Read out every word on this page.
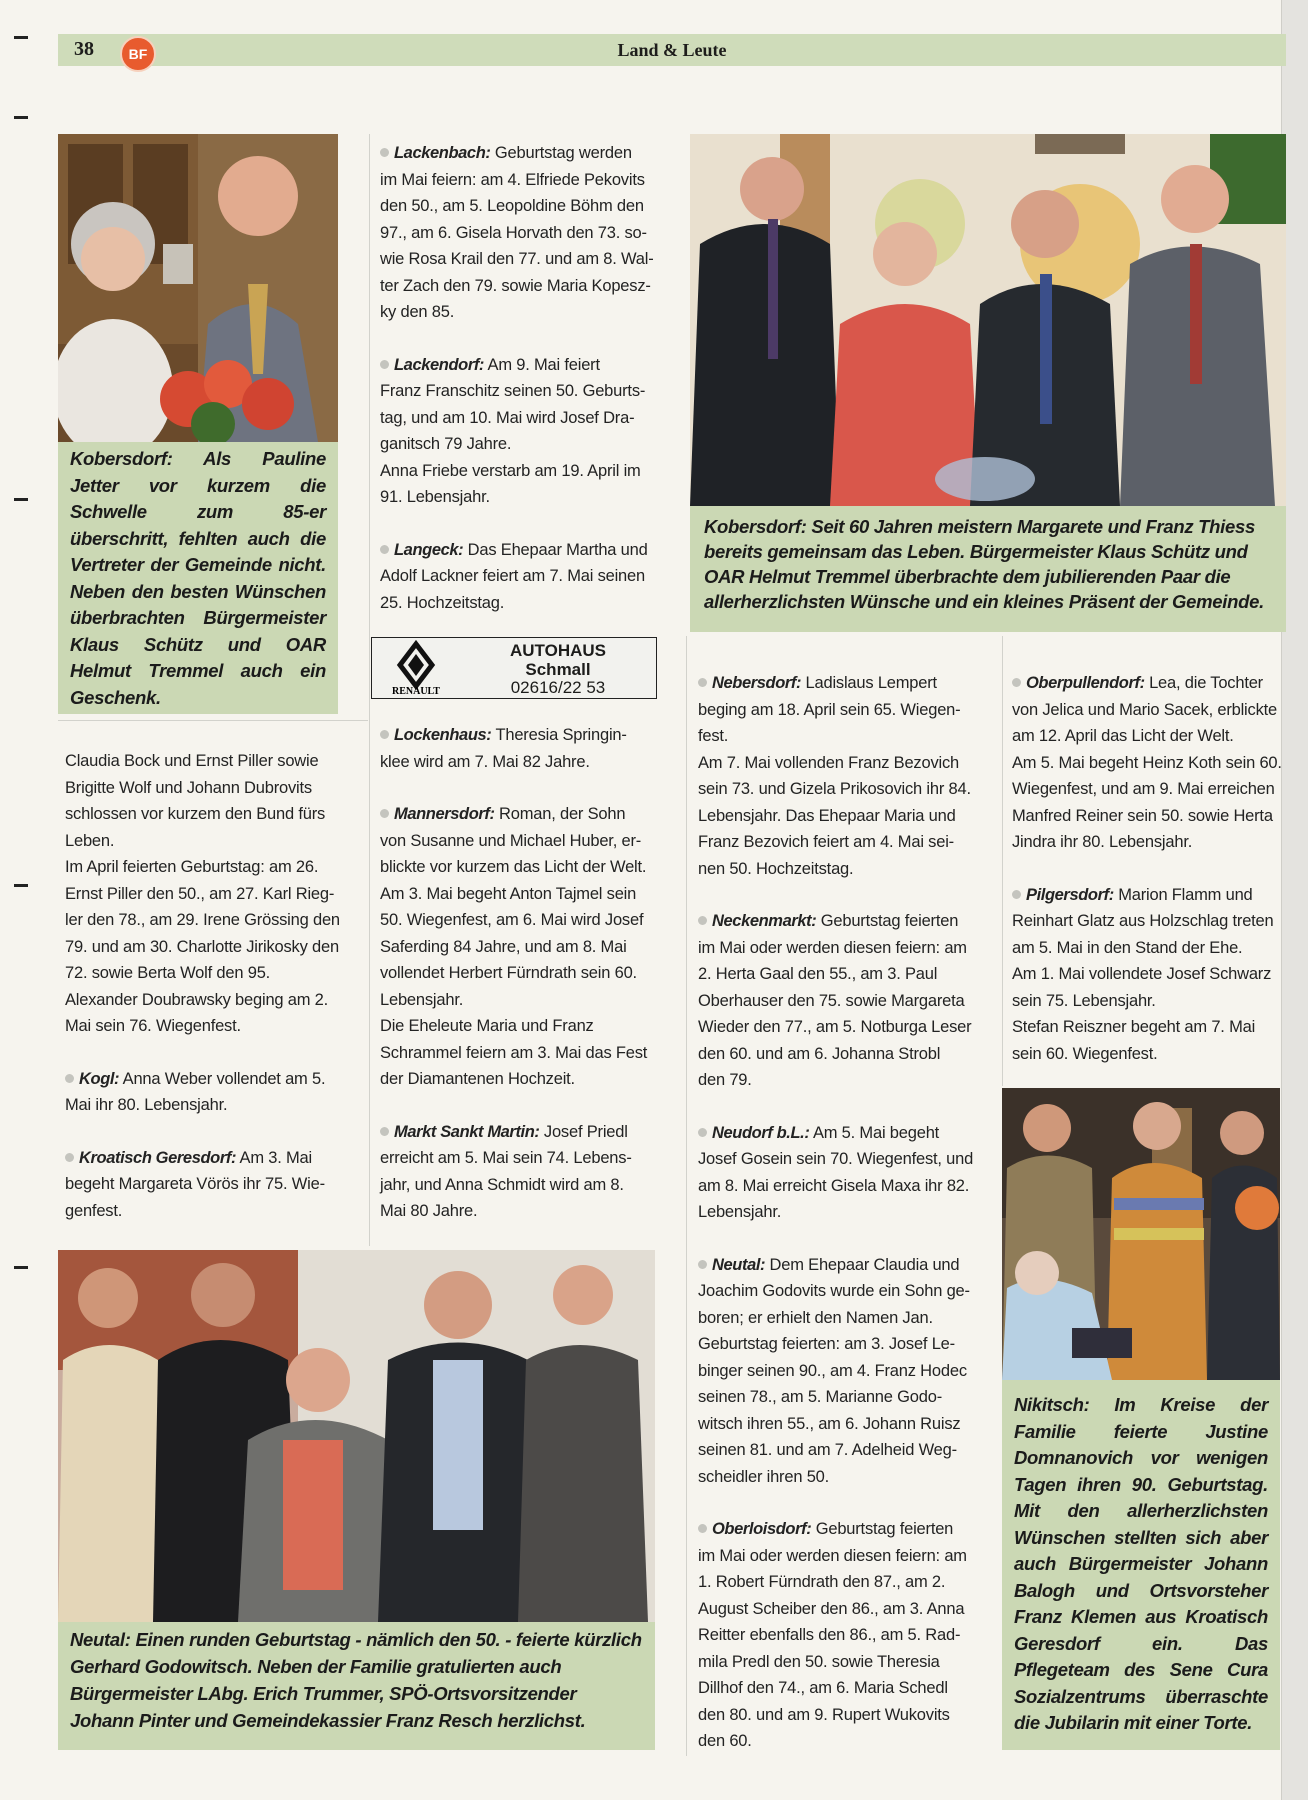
38	BF	Land & Leute
Kobersdorf: Als Pauline Jetter vor kurzem die Schwelle zum 85-er überschritt, fehlten auch die Vertreter der Gemeinde nicht. Neben den besten Wünschen überbrachten Bürgermeister Klaus Schütz und OAR Helmut Tremmel auch ein Geschenk.
Kobersdorf: Seit 60 Jahren meistern Margarete und Franz Thiess bereits gemeinsam das Leben. Bürgermeister Klaus Schütz und OAR Helmut Tremmel überbrachte dem jubilierenden Paar die allerherzlichsten Wünsche und ein kleines Präsent der Gemeinde.
Neutal: Einen runden Geburtstag - nämlich den 50. - feierte kürzlich Gerhard Godowitsch. Neben der Familie gratulierten auch Bürgermeister LAbg. Erich Trummer, SPÖ-Ortsvorsitzender Johann Pinter und Gemeindekassier Franz Resch herzlichst.
Nikitsch: Im Kreise der Familie feierte Justine Domnanovich vor wenigen Tagen ihren 90. Geburtstag. Mit den allerherzlichsten Wünschen stellten sich aber auch Bürgermeister Johann Balogh und Ortsvorsteher Franz Klemen aus Kroatisch Geresdorf ein. Das Pflegeteam des Sene Cura Sozialzentrums überraschte die Jubilarin mit einer Torte.

Claudia Bock und Ernst Piller sowie
Brigitte Wolf und Johann Dubrovits
schlossen vor kurzem den Bund fürs
Leben.
Im April feierten Geburtstag: am 26.
Ernst Piller den 50., am 27. Karl Rieg-
ler den 78., am 29. Irene Grössing den
79. und am 30. Charlotte Jirikosky den
72. sowie Berta Wolf den 95.
Alexander Doubrawsky beging am 2.
Mai sein 76. Wiegenfest.

Kogl: Anna Weber vollendet am 5.
Mai ihr 80. Lebensjahr.

Kroatisch Geresdorf: Am 3. Mai
begeht Margareta Vörös ihr 75. Wie-
genfest.

Lackenbach: Geburtstag werden
im Mai feiern: am 4. Elfriede Pekovits
den 50., am 5. Leopoldine Böhm den
97., am 6. Gisela Horvath den 73. so-
wie Rosa Krail den 77. und am 8. Wal-
ter Zach den 79. sowie Maria Kopesz-
ky den 85.

Lackendorf: Am 9. Mai feiert
Franz Franschitz seinen 50. Geburts-
tag, und am 10. Mai wird Josef Dra-
ganitsch 79 Jahre.
Anna Friebe verstarb am 19. April im
91. Lebensjahr.

Langeck: Das Ehepaar Martha und
Adolf Lackner feiert am 7. Mai seinen
25. Hochzeitstag.

RENAULT
AUTOHAUS
Schmall
02616/22 53

Lockenhaus: Theresia Springin-
klee wird am 7. Mai 82 Jahre.

Mannersdorf: Roman, der Sohn
von Susanne und Michael Huber, er-
blickte vor kurzem das Licht der Welt.
Am 3. Mai begeht Anton Tajmel sein
50. Wiegenfest, am 6. Mai wird Josef
Saferding 84 Jahre, und am 8. Mai
vollendet Herbert Fürndrath sein 60.
Lebensjahr.
Die Eheleute Maria und Franz
Schrammel feiern am 3. Mai das Fest
der Diamantenen Hochzeit.

Markt Sankt Martin: Josef Priedl
erreicht am 5. Mai sein 74. Lebens-
jahr, und Anna Schmidt wird am 8.
Mai 80 Jahre.

Nebersdorf: Ladislaus Lempert
beging am 18. April sein 65. Wiegen-
fest.
Am 7. Mai vollenden Franz Bezovich
sein 73. und Gizela Prikosovich ihr 84.
Lebensjahr. Das Ehepaar Maria und
Franz Bezovich feiert am 4. Mai sei-
nen 50. Hochzeitstag.

Neckenmarkt: Geburtstag feierten
im Mai oder werden diesen feiern: am
2. Herta Gaal den 55., am 3. Paul
Oberhauser den 75. sowie Margareta
Wieder den 77., am 5. Notburga Leser
den 60. und am 6. Johanna Strobl
den 79.

Neudorf b.L.: Am 5. Mai begeht
Josef Gosein sein 70. Wiegenfest, und
am 8. Mai erreicht Gisela Maxa ihr 82.
Lebensjahr.

Neutal: Dem Ehepaar Claudia und
Joachim Godovits wurde ein Sohn ge-
boren; er erhielt den Namen Jan.
Geburtstag feierten: am 3. Josef Le-
binger seinen 90., am 4. Franz Hodec
seinen 78., am 5. Marianne Godo-
witsch ihren 55., am 6. Johann Ruisz
seinen 81. und am 7. Adelheid Weg-
scheidler ihren 50.

Oberloisdorf: Geburtstag feierten
im Mai oder werden diesen feiern: am
1. Robert Fürndrath den 87., am 2.
August Scheiber den 86., am 3. Anna
Reitter ebenfalls den 86., am 5. Rad-
mila Predl den 50. sowie Theresia
Dillhof den 74., am 6. Maria Schedl
den 80. und am 9. Rupert Wukovits
den 60.

Oberpullendorf: Lea, die Tochter
von Jelica und Mario Sacek, erblickte
am 12. April das Licht der Welt.
Am 5. Mai begeht Heinz Koth sein 60.
Wiegenfest, und am 9. Mai erreichen
Manfred Reiner sein 50. sowie Herta
Jindra ihr 80. Lebensjahr.

Pilgersdorf: Marion Flamm und
Reinhart Glatz aus Holzschlag treten
am 5. Mai in den Stand der Ehe.
Am 1. Mai vollendete Josef Schwarz
sein 75. Lebensjahr.
Stefan Reiszner begeht am 7. Mai
sein 60. Wiegenfest.
